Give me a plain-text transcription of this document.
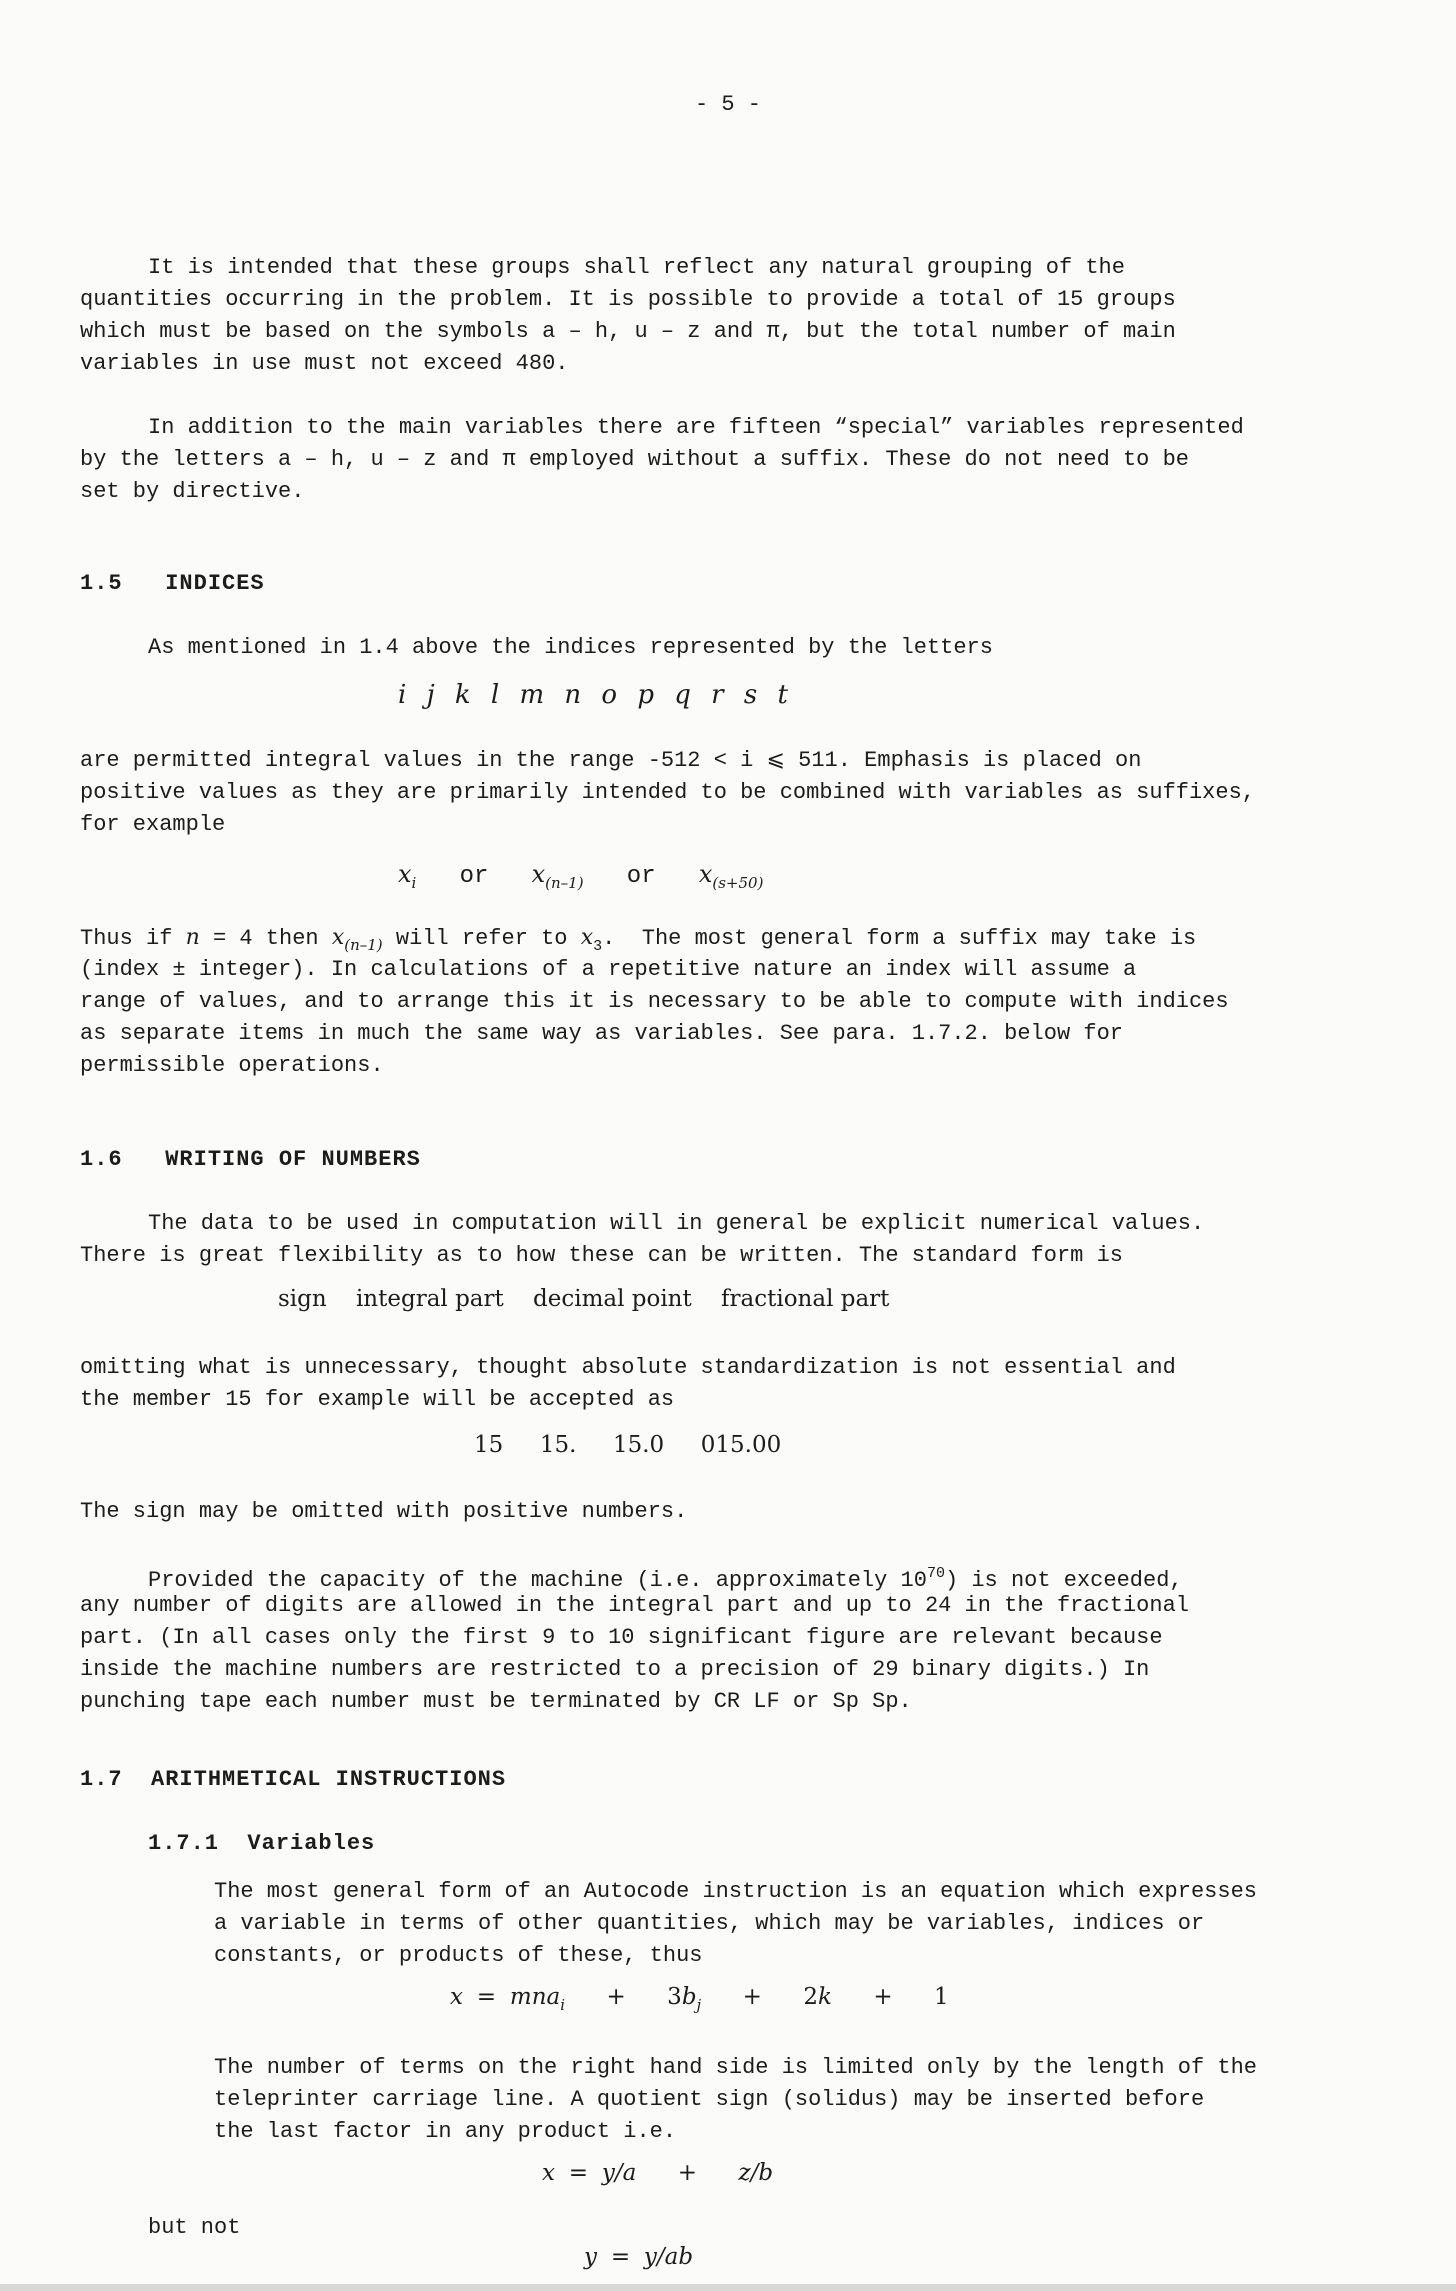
- 5 -
It is intended that these groups shall reflect any natural grouping of the
quantities occurring in the problem. It is possible to provide a total of 15 groups
which must be based on the symbols a – h, u – z and π, but the total number of main
variables in use must not exceed 480.
In addition to the main variables there are fifteen “special” variables represented
by the letters a – h, u – z and π employed without a suffix. These do not need to be
set by directive.
1.5 INDICES
As mentioned in 1.4 above the indices represented by the letters
i j k l m n o p q r s t
are permitted integral values in the range -512 < i ⩽ 511. Emphasis is placed on
positive values as they are primarily intended to be combined with variables as suffixes,
for example
$x_i$ or $x_{(n-1)}$ or $x_{(s+50)}$
Thus if n = 4 then $x_{(n-1)}$ will refer to $x_3$.  The most general form a suffix may take is
(index ± integer). In calculations of a repetitive nature an index will assume a
range of values, and to arrange this it is necessary to be able to compute with indices
as separate items in much the same way as variables. See para. 1.7.2. below for
permissible operations.
1.6 WRITING OF NUMBERS
The data to be used in computation will in general be explicit numerical values.
There is great flexibility as to how these can be written. The standard form is
sign integral part decimal point fractional part
omitting what is unnecessary, thought absolute standardization is not essential and
the member 15 for example will be accepted as
15 15. 15.0 015.00
The sign may be omitted with positive numbers.
Provided the capacity of the machine (i.e. approximately $10^{70}$) is not exceeded,
any number of digits are allowed in the integral part and up to 24 in the fractional
part. (In all cases only the first 9 to 10 significant figure are relevant because
inside the machine numbers are restricted to a precision of 29 binary digits.) In
punching tape each number must be terminated by CR LF or Sp Sp.
1.7 ARITHMETICAL INSTRUCTIONS
1.7.1 Variables
The most general form of an Autocode instruction is an equation which expresses
a variable in terms of other quantities, which may be variables, indices or
constants, or products of these, thus
$x = mna_i + 3b_j + 2k + 1$
The number of terms on the right hand side is limited only by the length of the
teleprinter carriage line. A quotient sign (solidus) may be inserted before
the last factor in any product i.e.
x = y/a + z/b
but not
y = y/ab
